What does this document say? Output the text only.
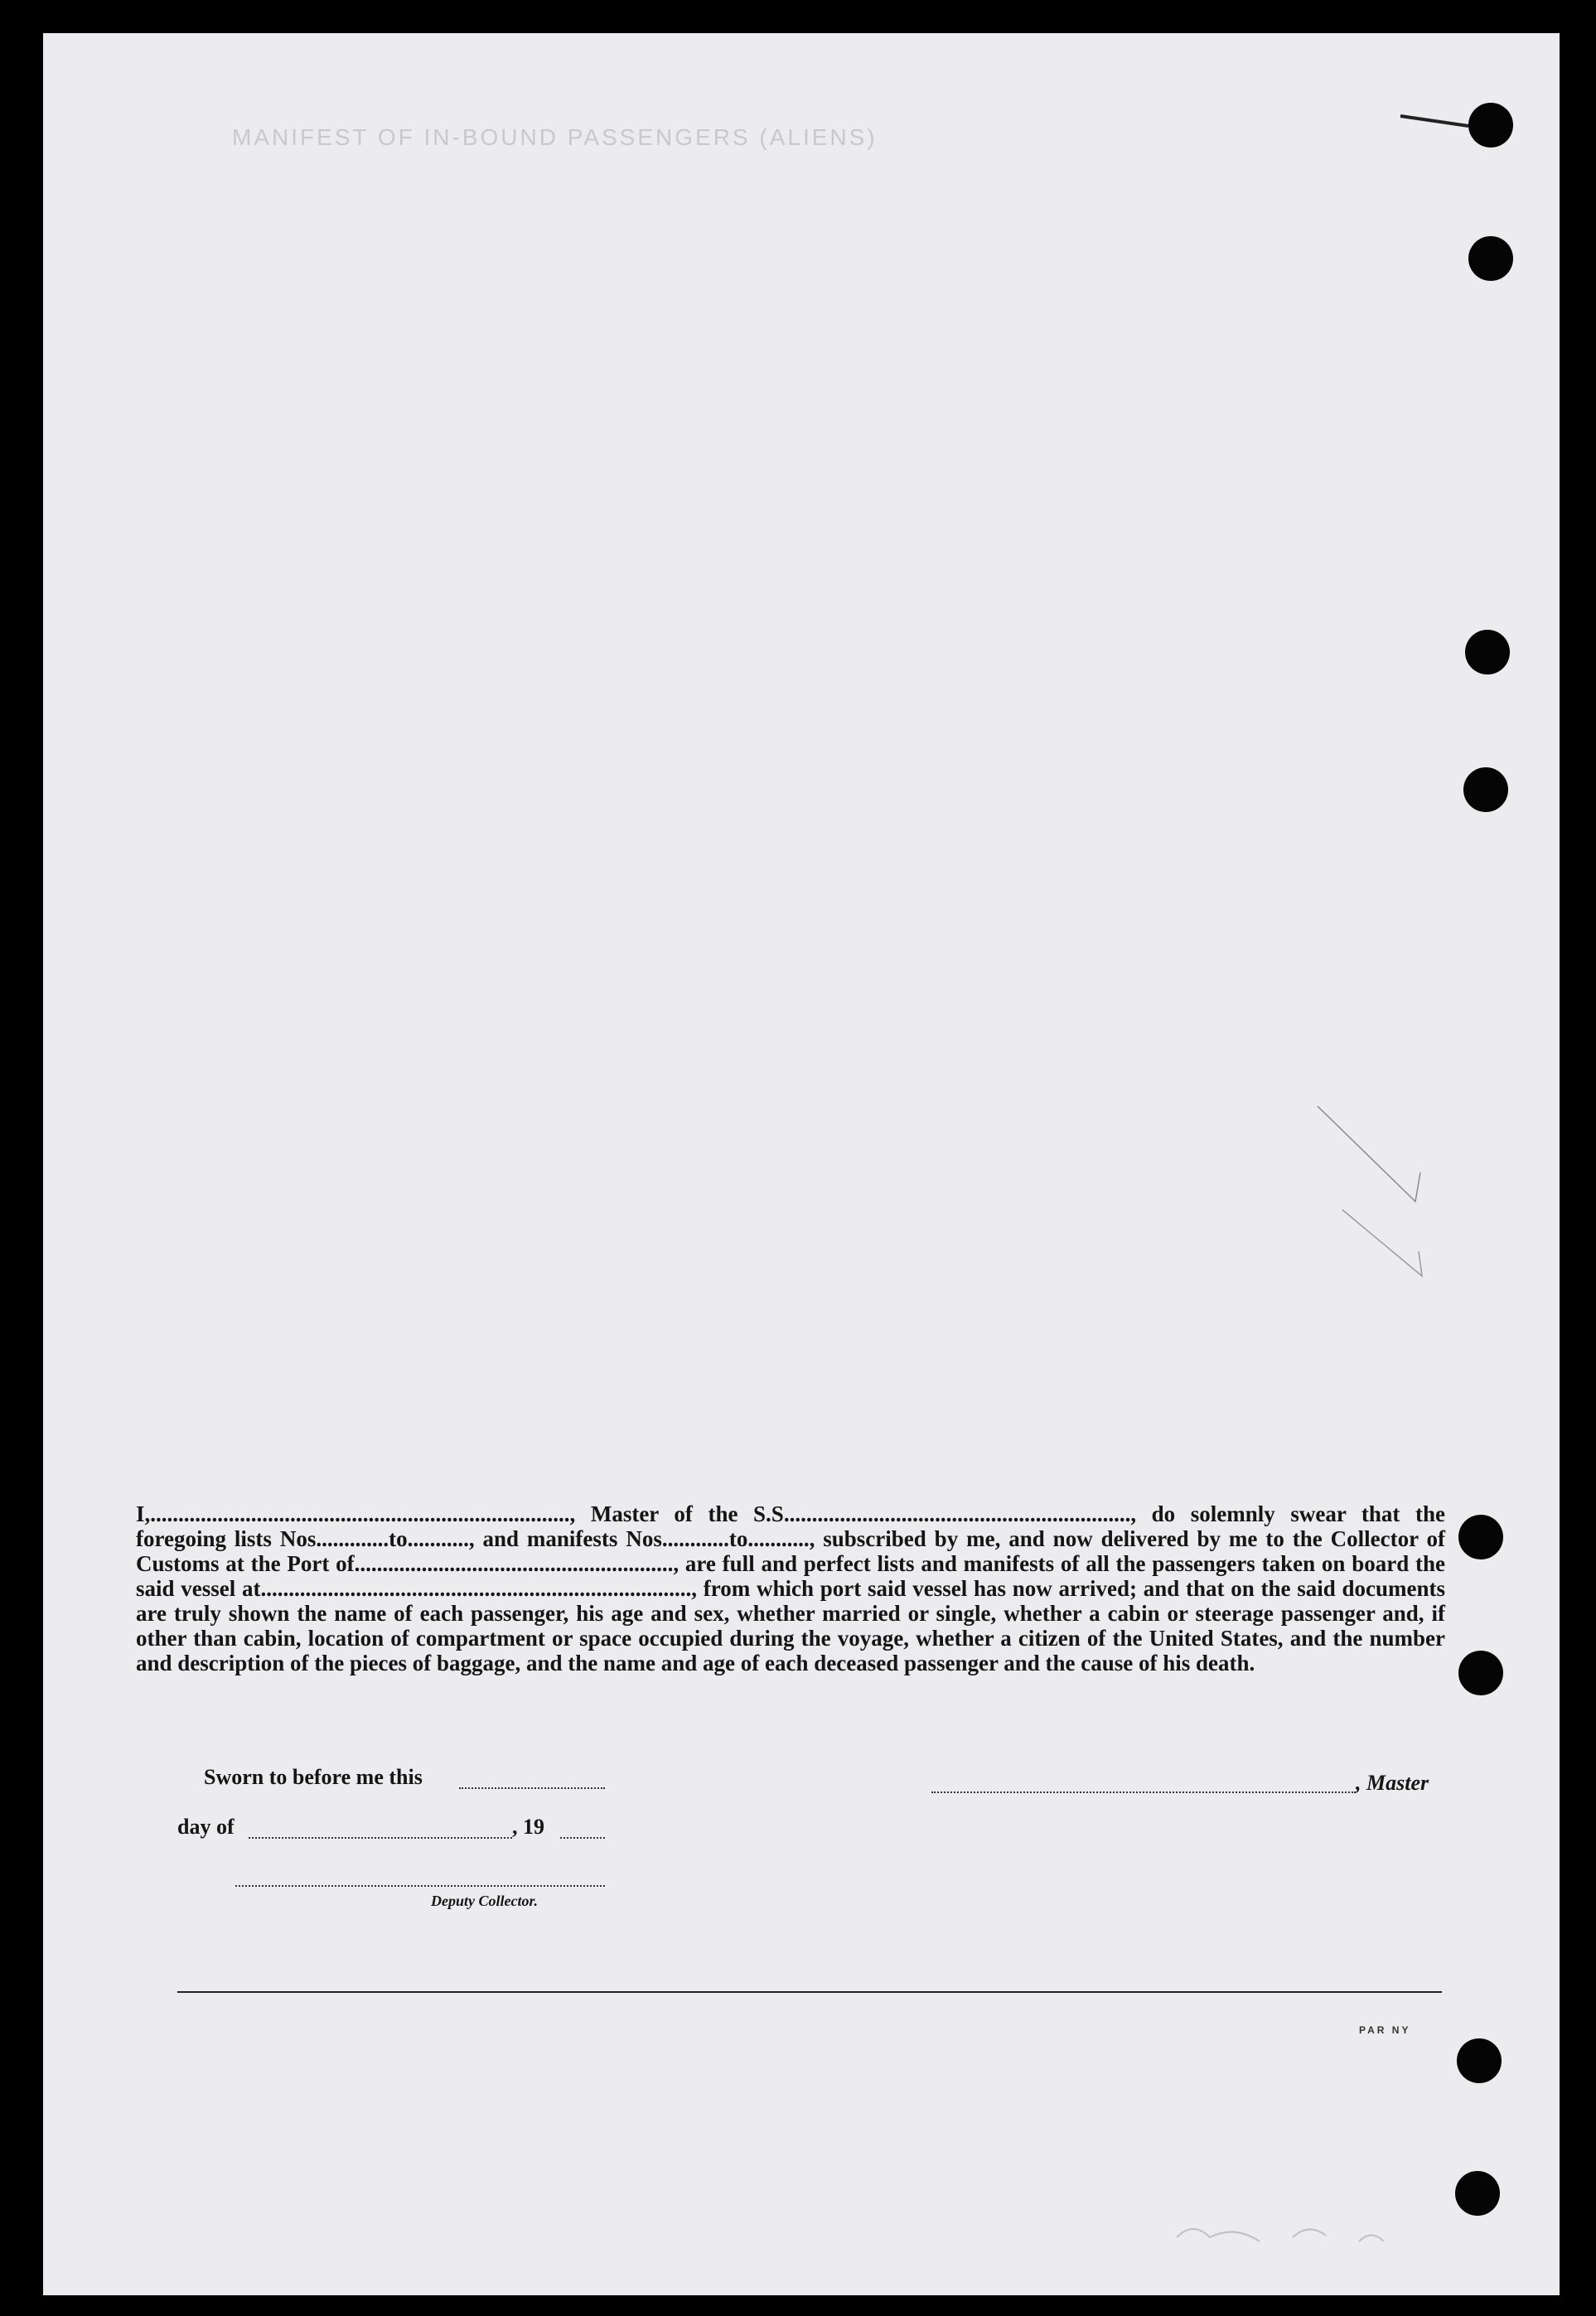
MANIFEST OF IN-BOUND PASSENGERS (ALIENS)

I,..........................................................................., Master of the S.S.............................................................., do solemnly swear that the foregoing lists Nos.............to..........., and manifests Nos............to..........., subscribed by me, and now delivered by me to the Collector of Customs at the Port of........................................................., are full and perfect lists and manifests of all the passengers taken on board the said vessel at............................................................................., from which port said vessel has now arrived; and that on the said documents are truly shown the name of each passenger, his age and sex, whether married or single, whether a cabin or steerage passenger and, if other than cabin, location of compartment or space occupied during the voyage, whether a citizen of the United States, and the number and description of the pieces of baggage, and the name and age of each deceased passenger and the cause of his death.

Sworn to before me this	, Master
day of	, 19
Deputy Collector.
PAR NY
